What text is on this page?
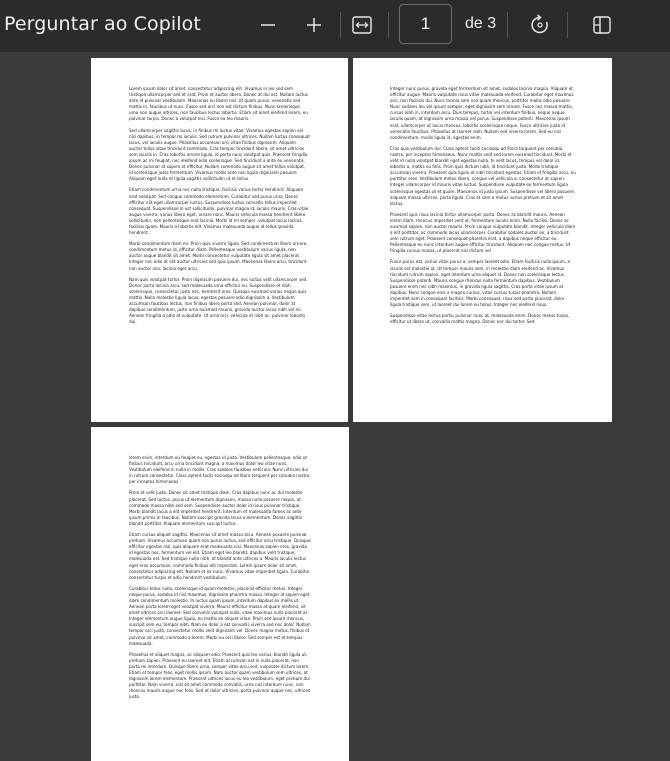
Perguntar ao Copilot	1	de 3

Lorem ipsum dolor sit amet, consectetur adipiscing elit. Vivamus in leo sed sem tristique ullamcorper sed et erat. Proin et auctor libero. Donec at dui est. Nullam luctus ante id pulvinar vestibulum. Maecenas eu libero nisl. Ut quam purus, venenatis sed mattis in, faucibus ut nunc. Fusce sed orci non est dictum finibus. Nunc scelerisque urna non augue ultrices, non faucibus lectus lobortis. Etiam sit amet eleifend lorem, eu pulvinar turpis. Donec a volutpat nisi. Fusce eu leo mauris.

Sed ullamcorper sagittis lacus, in finibus mi luctus vitae. Vivamus egestas sapien vel nisi dapibus, in tempor mi iaculis. Sed rutrum pulvinar ultrices. Nullam luctus consequat lacus, vel iaculis augue. Phasellus accumsan orci vitae finibus dignissim. Aliquam auctor tellus vitae tincidunt commodo. Cras tempor tincidunt libero, sit amet ultricies sem iaculis in. Cras lobortis ornare ligula, id porta nunc volutpat quis. Praesent fringilla ipsum ac mi feugiat, nec eleifend odio scelerisque. Sed tincidunt a ante eu venenatis. Donec pulvinar at sapien et efficitur. Nullam commodo augue sit amet tellus volutpat, id scelerisque justo fermentum. Vivamus mollis ante non ligula dignissim posuere. Aliquam eget nulla et ligula sagittis sollicitudin ut et tellus.

Etiam condimentum urna nec nulla tristique, facilisis varius tortor hendrerit. Aliquam erat volutpat. Sed congue commodo elementum. Curabitur sed purus urna. Donec efficitur elit eget ullamcorper luctus. Suspendisse luctus convallis tellus imperdiet consequat. Suspendisse in est sollicitudin, pulvinar magna id, iaculis mauris. Cras vitae augue viverra, varius libero eget, ornare nunc. Mauris vehicula massa hendrerit libero sollicitudin, non pellentesque erat lacinia. Morbi id mi semper, volutpat lacus lacinia, facilisis quam. Mauris a lobortis elit. Vivamus malesuada augue id tellus gravida hendrerit.

Morbi condimentum diam mi. Proin quis viverra ligula. Sed condimentum libero ornare, condimentum metus id, efficitur diam. Pellentesque vestibulum varius ligula, non auctor augue blandit sit amet. Morbi consectetur vulputate ligula sit amet placerat. Integer nec odio at elit auctor ultricies sed quis ipsum. Maecenas libero arcu, tincidunt non auctor non, lacinia eget arcu.

Nam quis volutpat tortor. Proin dignissim posuere dui, nec luctus velit ullamcorper sed. Donec porta lacinia arcu, sed malesuada urna efficitur eu. Suspendisse et nibh scelerisque, consectetur justo nec, hendrerit eros. Quisque euismod varius neque quis mattis. Nulla molestie ligula lacus, egestas posuere odio dignissim a. Vestibulum accumsan faucibus lectus, non finibus libero porta sed. Aenean pulvinar, dolor at dapibus condimentum, justo urna euismod mauris, gravida auctor lacus nibh vel mi. Aenean fringilla a odio at vulputate. Ut urna orci, vehicula at nibh ac, pulvinar lobortis dui.

Integer nunc purus, gravida eget fermentum sit amet, sodales lacinia magna. Aliquam et efficitur augue. Mauris vulputate risus vitae malesuada eleifend. Curabitur eget maximus orci, non facilisis dui. Nunc lacinia sem non quam rhoncus, porttitor mollis odio posuere. Nunc sodales leo vel ipsum semper, eget dignissim sem ornare. Fusce nec massa mattis, cursus nibh in, interdum arcu. Duis tempus, tortor vel interdum finibus, neque neque iaculis quam, at dignissim urna massa vel purus. Suspendisse potenti. Maecenas ipsum erat, ullamcorper ut lacus rhoncus, lobortis scelerisque neque. Fusce ultricies justo id venenatis faucibus. Phasellus at laoreet nibh. Nullam sed viverra lorem. Sed eu nisi condimentum, mollis ligula id, egestas enim.

Cras quis vestibulum dui. Class aptent taciti sociosqu ad litora torquent per conubia nostra, per inceptos himenaeos. Nunc mattis velit sed lorem euismod tincidunt. Morbi et velit id nulla volutpat blandit eget egestas nulla. In velit lacus, tempus vel dolor id, lobortis a, mattis eu felis. Proin quis dictum nibh, id tincidunt justo. Morbi tristique accumsan viverra. Praesent quis ligula at nibh tincidunt egestas. Etiam id fringilla arcu, eu porttitor eros. Vestibulum metus libero, congue vel vehicula a, consectetur at sapien. Integer ullamcorper id mauris vitae luctus. Suspendisse vulputate ex fermentum ligula scelerisque egestas ut et quam. Maecenas id justo ipsum. Suspendisse vel libero posuere, aliquam massa ultrices, porta ligula. Cras et sem a metus varius pretium et sit amet lectus.

Praesent quis risus lacinia tortor ullamcorper porta. Donec ac blandit mauris. Aenean lorem diam, rhoncus imperdiet velit ut, fermentum iaculis enim. Nulla facilisi. Donec ac euismod sapien, non auctor mauris. Proin congue vulputate blandit. Integer vehicula diam a elit porttitor, ac commodo lacus ullamcorper. Curabitur sodales auctor ex, a tincidunt sem rutrum eget. Praesent consequat pharetra erat, a dapibus neque efficitur eu. Pellentesque eu nunc interdum augue efficitur tincidunt. Aliquam nec congue metus. Ut fringilla cursus massa, ut placerat nisl dictum vel.

Fusce purus est, varius vitae purus a, semper laoreet odio. Etiam facilisis nulla ipsum, a iaculis est molestie ut. Ut tempor mauris sem, in molestie diam eleifend ac. Vivamus tincidunt rutrum sapien, eget interdum urna aliquet id. Donec non scelerisque lectus. Suspendisse potenti. Mauris congue rhoncus nulla fermentum dapibus. Vestibulum posuere enim nec nibh maximus, in gravida ligula sagittis. Cras porta vitae ipsum at dapibus. Nunc congue eros a magna cursus, vitae cursus turpis pharetra. Nullam imperdiet sem in consequat facilisis. Morbi consequat, risus sed porta placerat, dolor ligula tristique sem, ut laoreet dui lorem eu tellus. Integer nec eleifend risus.

Suspendisse vitae lectus porta, pulvinar nunc at, malesuada enim. Donec metus turpis, efficitur ut libero ut, convallis mattis magna. Donec nec dui tortor. Sed

lorem enim, interdum eu feugiat eu, egestas id justo. Vestibulum pellentesque, odio ut finibus tincidunt, arcu urna tincidunt magna, a maximus dolor leo vitae nunc. Vestibulum eleifend in nulla in mollis. Cras sodales faucibus vehicula. Nunc ultricies dui in rutrum consectetur. Class aptent taciti sociosqu ad litora torquent per conubia nostra, per inceptos himenaeos.

Proin et velit justo. Donec sit amet tristique diam. Cras dapibus nunc ac dui molestie placerat. Sed luctus, purus ut elementum dignissim, massa nulla posuere neque, ut commodo massa nibh sed sem. Suspendisse auctor dolor id risus pulvinar tristique. Morbi blandit lacus a elit imperdiet hendrerit. Interdum et malesuada fames ac ante ipsum primis in faucibus. Nullam suscipit gravida lacus a elementum. Donec sagittis blandit porttitor. Aliquam elementum suscipit luctus.

Etiam cursus aliquet sagittis. Maecenas sit amet massa arcu. Aenean posuere pulvinar pretium. Vivamus accumsan quam non purus luctus, sed efficitur arcu tristique. Quisque efficitur egestas nisl, quis aliquam erat malesuada nisi. Maecenas sapien eros, gravida id egestas nec, fermentum vel elit. Etiam eget leo blandit, dapibus velit tristique, malesuada est. Sed tristique nulla nibh, et blandit ante ultrices a. Mauris iaculis lectus eget eros accumsan, commodo finibus elit imperdiet. Lorem ipsum dolor sit amet, consectetur adipiscing elit. Nullam et ex nunc. Vivamus vitae imperdiet ligula. Curabitur consectetur turpis et odio hendrerit vestibulum.

Curabitur tellus nulla, scelerisque id quam molestie, placerat efficitur metus. Integer neque purus, sodales id nisl maximus, dignissim pharetra massa. Integer id sapien eget diam condimentum molestie. In luctus quam ipsum, interdum dapibus ex mollis ut. Aenean porta lorem eget volutpat viverra. Mauris efficitur massa at quam eleifend, sit amet ultrices orci laoreet. Sed convallis volutpat nulla, vitae maximus nulla placerat ac. Integer elementum augue ligula, eu mattis ex aliquet vitae. Proin sed ipsum rhoncus, suscipit sem eu, tempor nibh. Nam eu dolor a est convallis viverra sed nec dolor. Nullam tempor orci justo, consectetur mollis velit dignissim vel. Donec magna metus, finibus et pulvinar sit amet, commodo a lorem. Morbi eu orci libero. Sed semper est et tempus malesuada.

Phasellus et aliquet magna, ac aliquam odio. Praesent quis leo varius, blandit ligula ut, pretium sapien. Praesent eu laoreet elit. Etiam accumsan est in nulla placerat, non porta mi interdum. Quisque libero urna, semper vitae arcu sed, vulputate dictum lorem. Etiam et tempor felis, eget mollis ipsum. Nam auctor quam vestibulum sem ultrices, at dignissim lorem elementum. Praesent ultrices lacus eu leo vestibulum, eget pretium dui porttitor. Nam viverra, nisl sit amet commodo convallis, urna nisl interdum nunc, non rhoncus mauris augue nec felis. Sed at dolor ultricies, porta pulvinar augue nec, ultrices justo.
